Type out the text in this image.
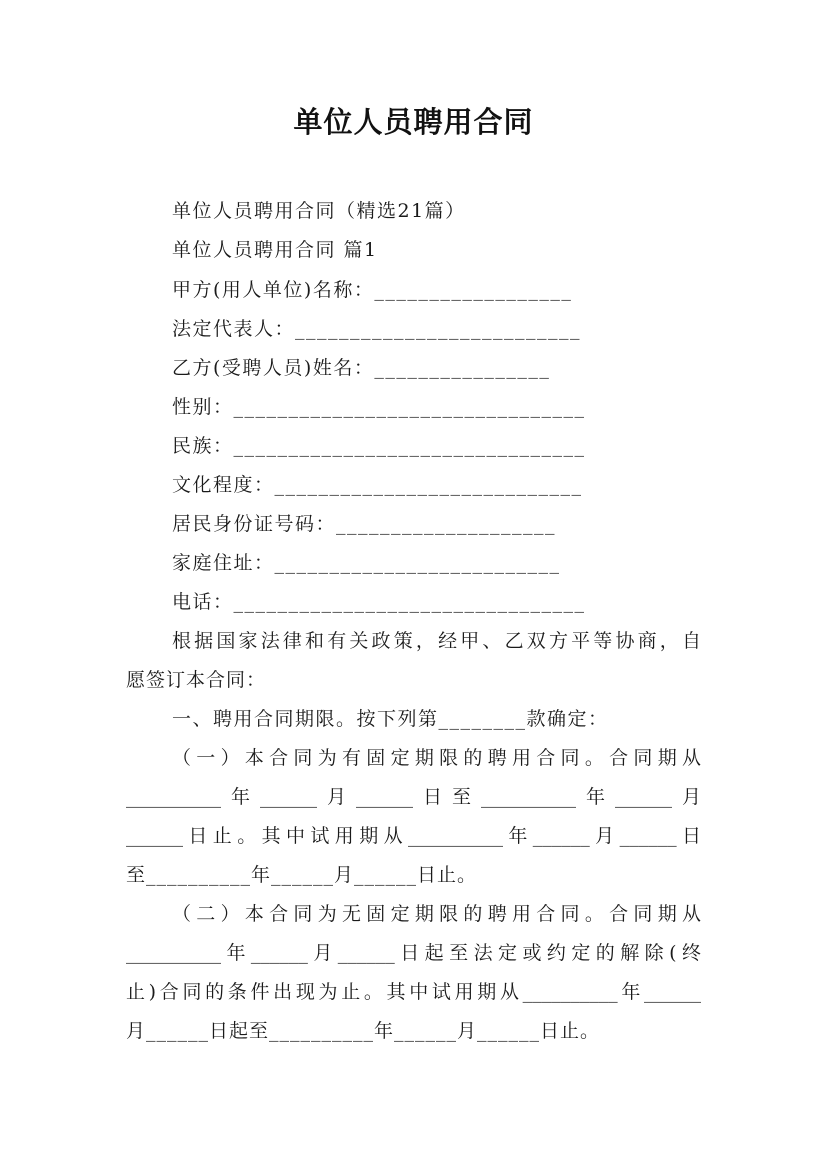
单位人员聘用合同
单位人员聘用合同（精选21篇）
单位人员聘用合同 篇1
甲方(用人单位)名称：__________________
法定代表人：__________________________
乙方(受聘人员)姓名：________________
性别：________________________________
民族：________________________________
文化程度：____________________________
居民身份证号码：____________________
家庭住址：__________________________
电话：________________________________
根据国家法律和有关政策，经甲、乙双方平等协商，自
愿签订本合同：
一、聘用合同期限。按下列第________款确定：
（一）本合同为有固定期限的聘用合同。合同期从
__________年______月______日至__________年______月
______日止。其中试用期从__________年______月______日
至__________年______月______日止。
（二）本合同为无固定期限的聘用合同。合同期从
__________年______月______日起至法定或约定的解除(终
止)合同的条件出现为止。其中试用期从__________年______
月______日起至__________年______月______日止。
